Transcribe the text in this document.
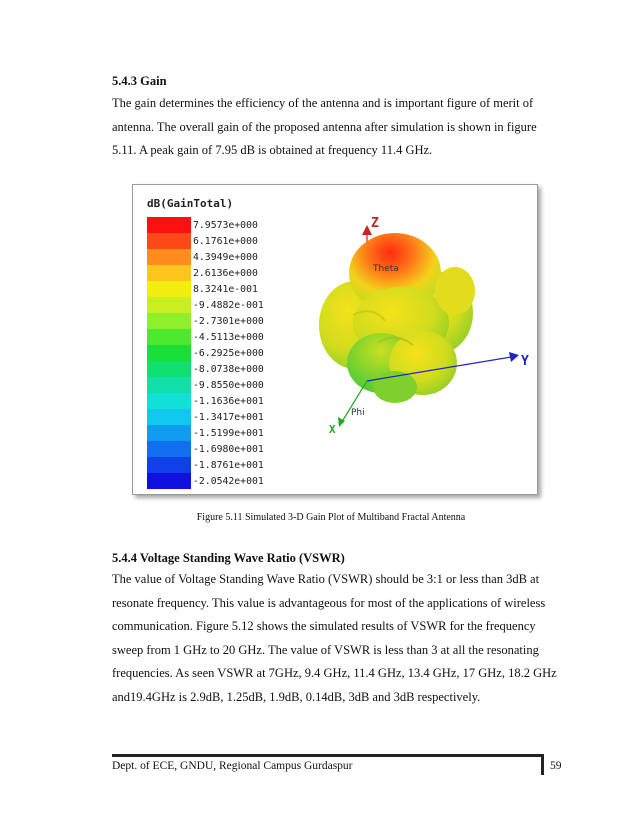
5.4.3 Gain
The gain determines the efficiency of the antenna and is important figure of merit of
antenna. The overall gain of the proposed antenna after simulation is shown in figure
5.11. A peak gain of 7.95 dB is obtained at frequency 11.4 GHz.
dB(GainTotal)
7.9573e+000
6.1761e+000
4.3949e+000
2.6136e+000
8.3241e-001
-9.4882e-001
-2.7301e+000
-4.5113e+000
-6.2925e+000
-8.0738e+000
-9.8550e+000
-1.1636e+001
-1.3417e+001
-1.5199e+001
-1.6980e+001
-1.8761e+001
-2.0542e+001
Z
Y
X
Theta
Phi
Figure 5.11 Simulated 3-D Gain Plot of Multiband Fractal Antenna
5.4.4 Voltage Standing Wave Ratio (VSWR)
The value of Voltage Standing Wave Ratio (VSWR) should be 3:1 or less than 3dB at
resonate frequency. This value is advantageous for most of the applications of wireless
communication. Figure 5.12 shows the simulated results of VSWR for the frequency
sweep from 1 GHz to 20 GHz. The value of VSWR is less than 3 at all the resonating
frequencies. As seen VSWR at 7GHz, 9.4 GHz, 11.4 GHz, 13.4 GHz, 17 GHz, 18.2 GHz
and19.4GHz is 2.9dB, 1.25dB, 1.9dB, 0.14dB, 3dB and 3dB respectively.
Dept. of ECE, GNDU, Regional Campus Gurdaspur	59
